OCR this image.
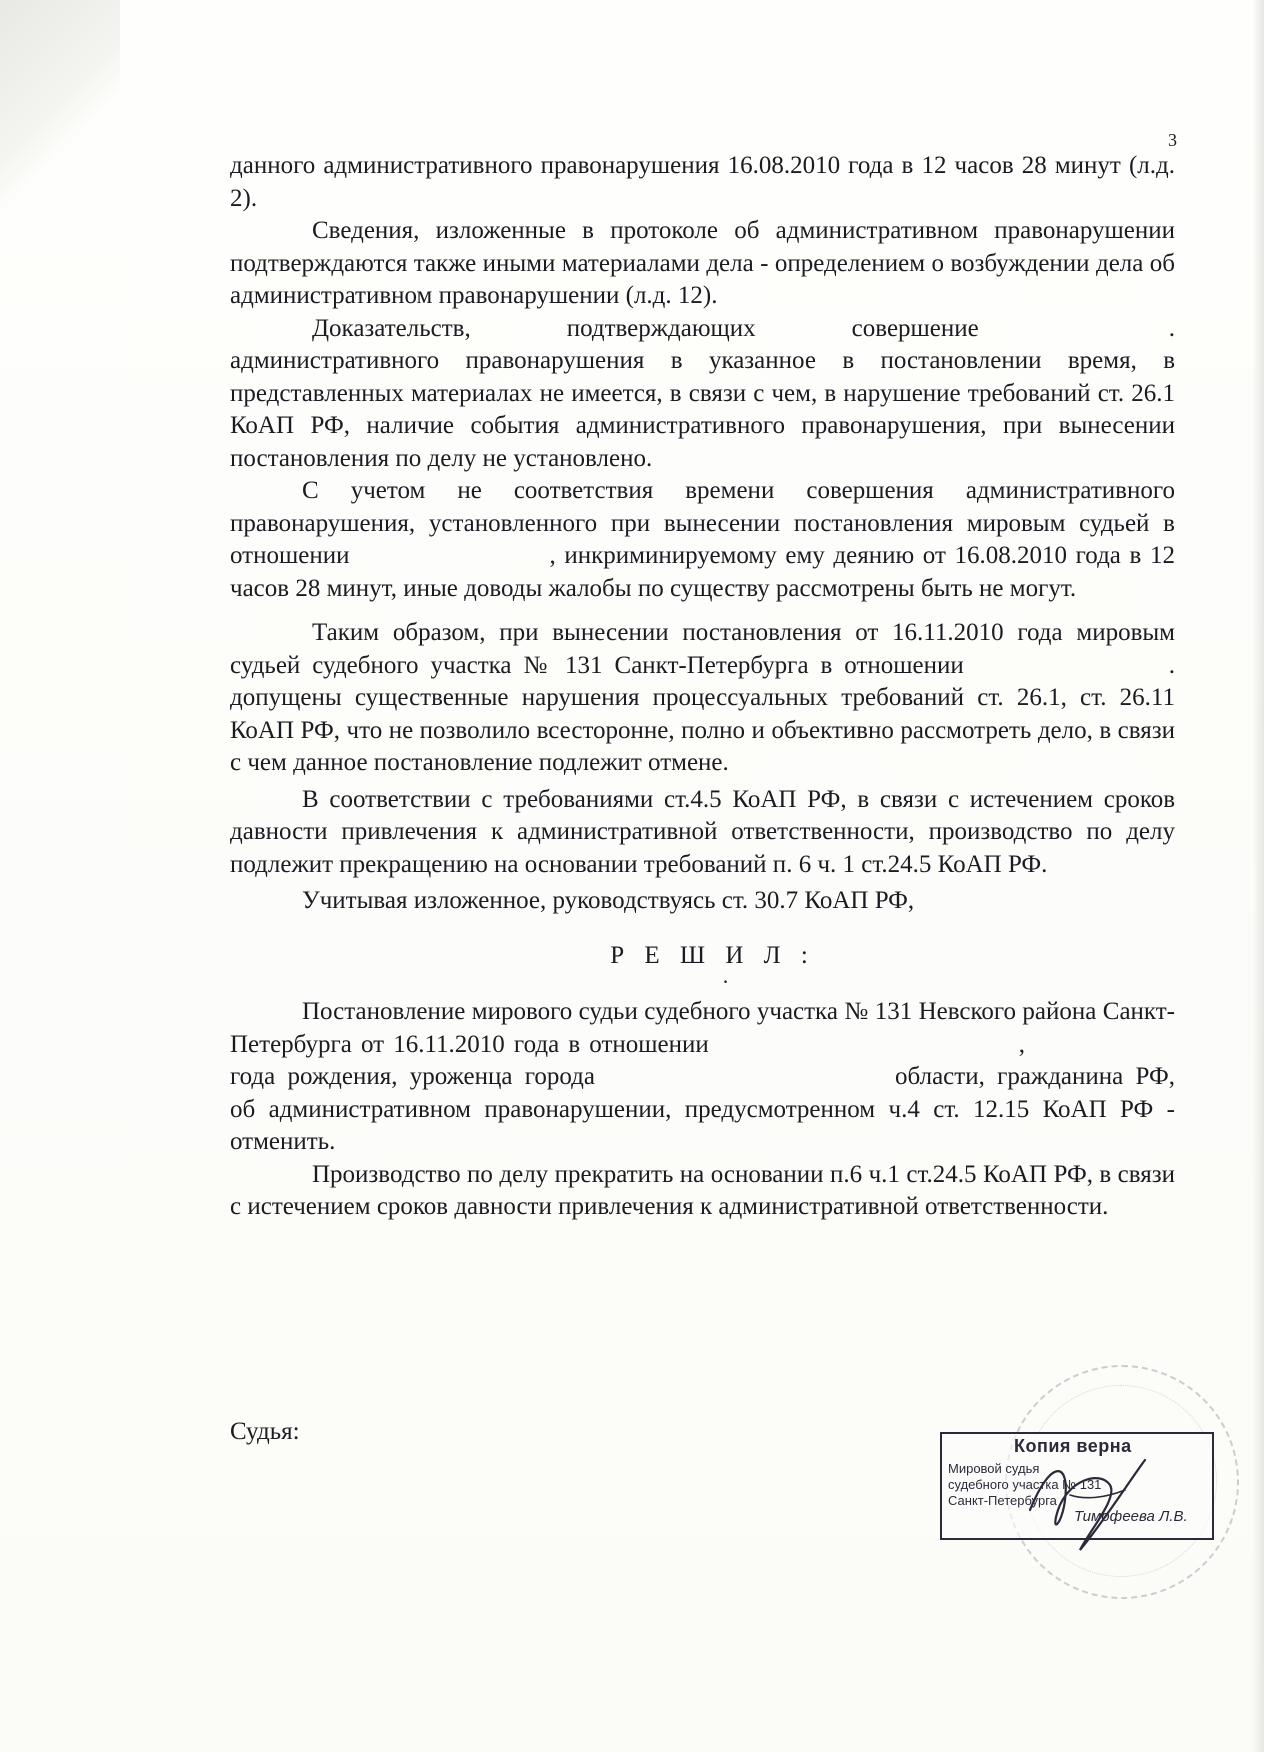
3

данного административного правонарушения 16.08.2010 года в 12 часов 28 минут (л.д. 2).

Сведения, изложенные в протоколе об административном правонарушении подтверждаются также иными материалами дела - определением о возбуждении дела об административном правонарушении (л.д. 12).

Доказательств, подтверждающих совершение	. административного правонарушения в указанное в постановлении время, в представленных материалах не имеется, в связи с чем, в нарушение требований ст. 26.1 КоАП РФ, наличие события административного правонарушения, при вынесении постановления по делу не установлено.

С учетом не соответствия времени совершения административного правонарушения, установленного при вынесении постановления мировым судьей в отношении	, инкриминируемому ему деянию от 16.08.2010 года в 12 часов 28 минут, иные доводы жалобы по существу рассмотрены быть не могут.

Таким образом, при вынесении постановления от 16.11.2010 года мировым судьей судебного участка № 131 Санкт-Петербурга в отношении	. допущены существенные нарушения процессуальных требований ст. 26.1, ст. 26.11 КоАП РФ, что не позволило всесторонне, полно и объективно рассмотреть дело, в связи с чем данное постановление подлежит отмене.

В соответствии с требованиями ст.4.5 КоАП РФ, в связи с истечением сроков давности привлечения к административной ответственности, производство по делу подлежит прекращению на основании требований п. 6 ч. 1 ст.24.5 КоАП РФ.

Учитывая изложенное, руководствуясь ст. 30.7 КоАП РФ,

Р Е Ш И Л :
·

Постановление мирового судьи судебного участка № 131 Невского района Санкт-Петербурга от 16.11.2010 года в отношении	,года рождения, уроженца города	области, гражданина РФ, об административном правонарушении, предусмотренном ч.4 ст. 12.15 КоАП РФ - отменить.

Производство по делу прекратить на основании п.6 ч.1 ст.24.5 КоАП РФ, в связи с истечением сроков давности привлечения к административной ответственности.

Судья:
Копия верна
Мировой судья
судебного участка № 131
Санкт-Петербурга
Тимофеева Л.В.
